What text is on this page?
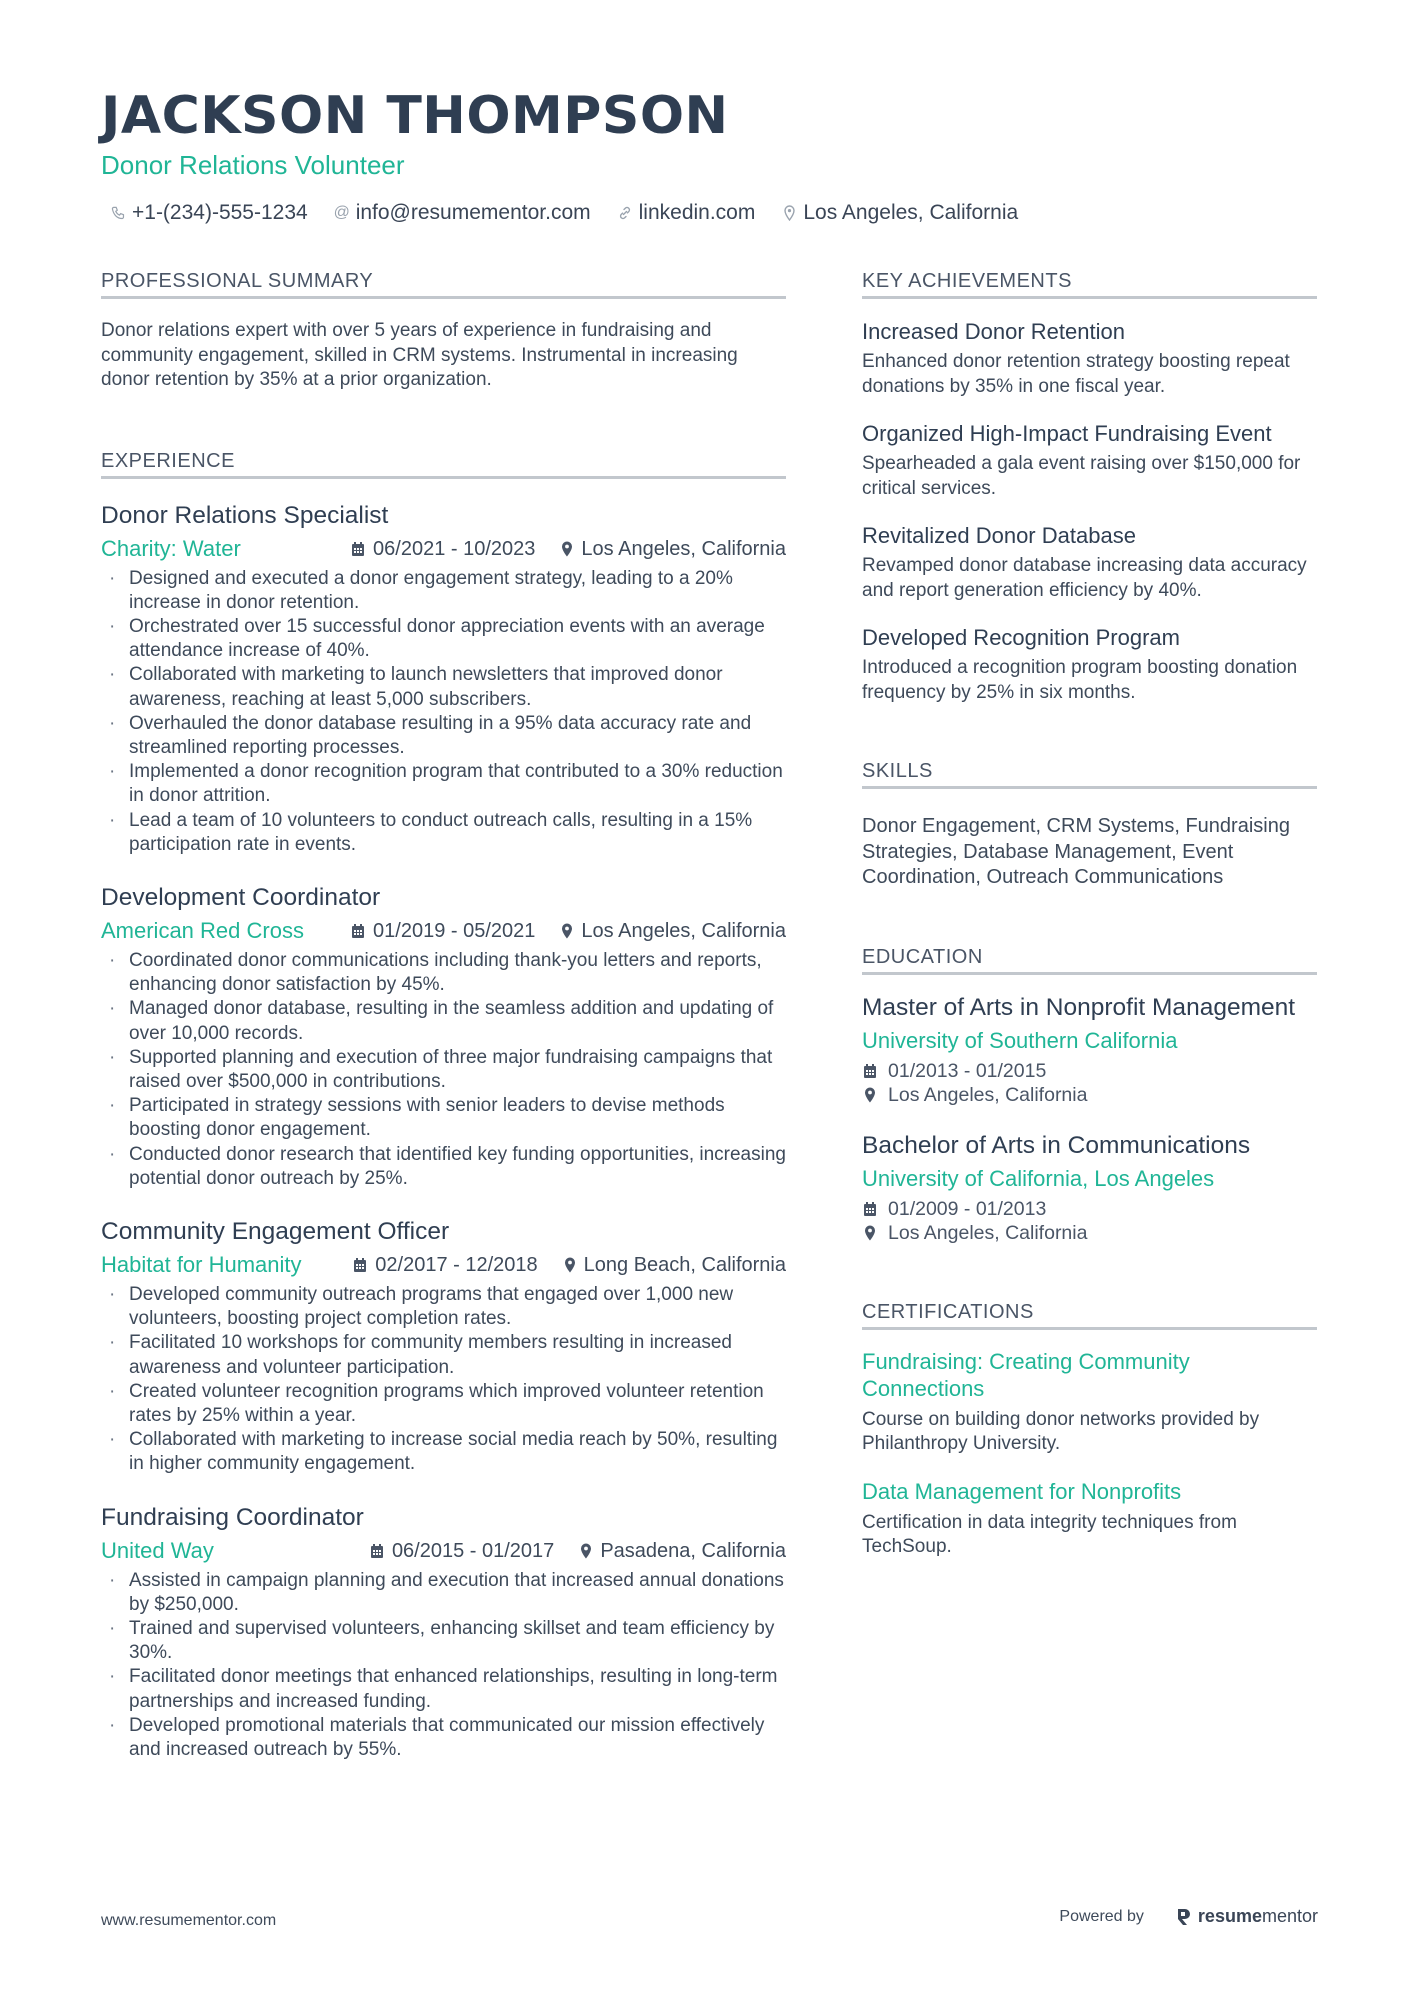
JACKSON THOMPSON
Donor Relations Volunteer
+1-(234)-555-1234 @ info@resumementor.com linkedin.com Los Angeles, California
PROFESSIONAL SUMMARY
Donor relations expert with over 5 years of experience in fundraising and community engagement, skilled in CRM systems. Instrumental in increasing donor retention by 35% at a prior organization.
EXPERIENCE
Donor Relations Specialist
Charity: Water	06/2021 - 10/2023 Los Angeles, California
· Designed and executed a donor engagement strategy, leading to a 20% increase in donor retention.
· Orchestrated over 15 successful donor appreciation events with an average attendance increase of 40%.
· Collaborated with marketing to launch newsletters that improved donor awareness, reaching at least 5,000 subscribers.
· Overhauled the donor database resulting in a 95% data accuracy rate and streamlined reporting processes.
· Implemented a donor recognition program that contributed to a 30% reduction in donor attrition.
· Lead a team of 10 volunteers to conduct outreach calls, resulting in a 15% participation rate in events.
Development Coordinator
American Red Cross	01/2019 - 05/2021 Los Angeles, California
· Coordinated donor communications including thank-you letters and reports, enhancing donor satisfaction by 45%.
· Managed donor database, resulting in the seamless addition and updating of over 10,000 records.
· Supported planning and execution of three major fundraising campaigns that raised over $500,000 in contributions.
· Participated in strategy sessions with senior leaders to devise methods boosting donor engagement.
· Conducted donor research that identified key funding opportunities, increasing potential donor outreach by 25%.
Community Engagement Officer
Habitat for Humanity	02/2017 - 12/2018 Long Beach, California
· Developed community outreach programs that engaged over 1,000 new volunteers, boosting project completion rates.
· Facilitated 10 workshops for community members resulting in increased awareness and volunteer participation.
· Created volunteer recognition programs which improved volunteer retention rates by 25% within a year.
· Collaborated with marketing to increase social media reach by 50%, resulting in higher community engagement.
Fundraising Coordinator
United Way	06/2015 - 01/2017 Pasadena, California
· Assisted in campaign planning and execution that increased annual donations by $250,000.
· Trained and supervised volunteers, enhancing skillset and team efficiency by 30%.
· Facilitated donor meetings that enhanced relationships, resulting in long-term partnerships and increased funding.
· Developed promotional materials that communicated our mission effectively and increased outreach by 55%.
KEY ACHIEVEMENTS
Increased Donor Retention
Enhanced donor retention strategy boosting repeat donations by 35% in one fiscal year.
Organized High-Impact Fundraising Event
Spearheaded a gala event raising over $150,000 for critical services.
Revitalized Donor Database
Revamped donor database increasing data accuracy and report generation efficiency by 40%.
Developed Recognition Program
Introduced a recognition program boosting donation frequency by 25% in six months.
SKILLS
Donor Engagement, CRM Systems, Fundraising Strategies, Database Management, Event Coordination, Outreach Communications
EDUCATION
Master of Arts in Nonprofit Management
University of Southern California
01/2013 - 01/2015
Los Angeles, California
Bachelor of Arts in Communications
University of California, Los Angeles
01/2009 - 01/2013
Los Angeles, California
CERTIFICATIONS
Fundraising: Creating Community Connections
Course on building donor networks provided by Philanthropy University.
Data Management for Nonprofits
Certification in data integrity techniques from TechSoup.
www.resumementor.com	Powered by	resume mentor
